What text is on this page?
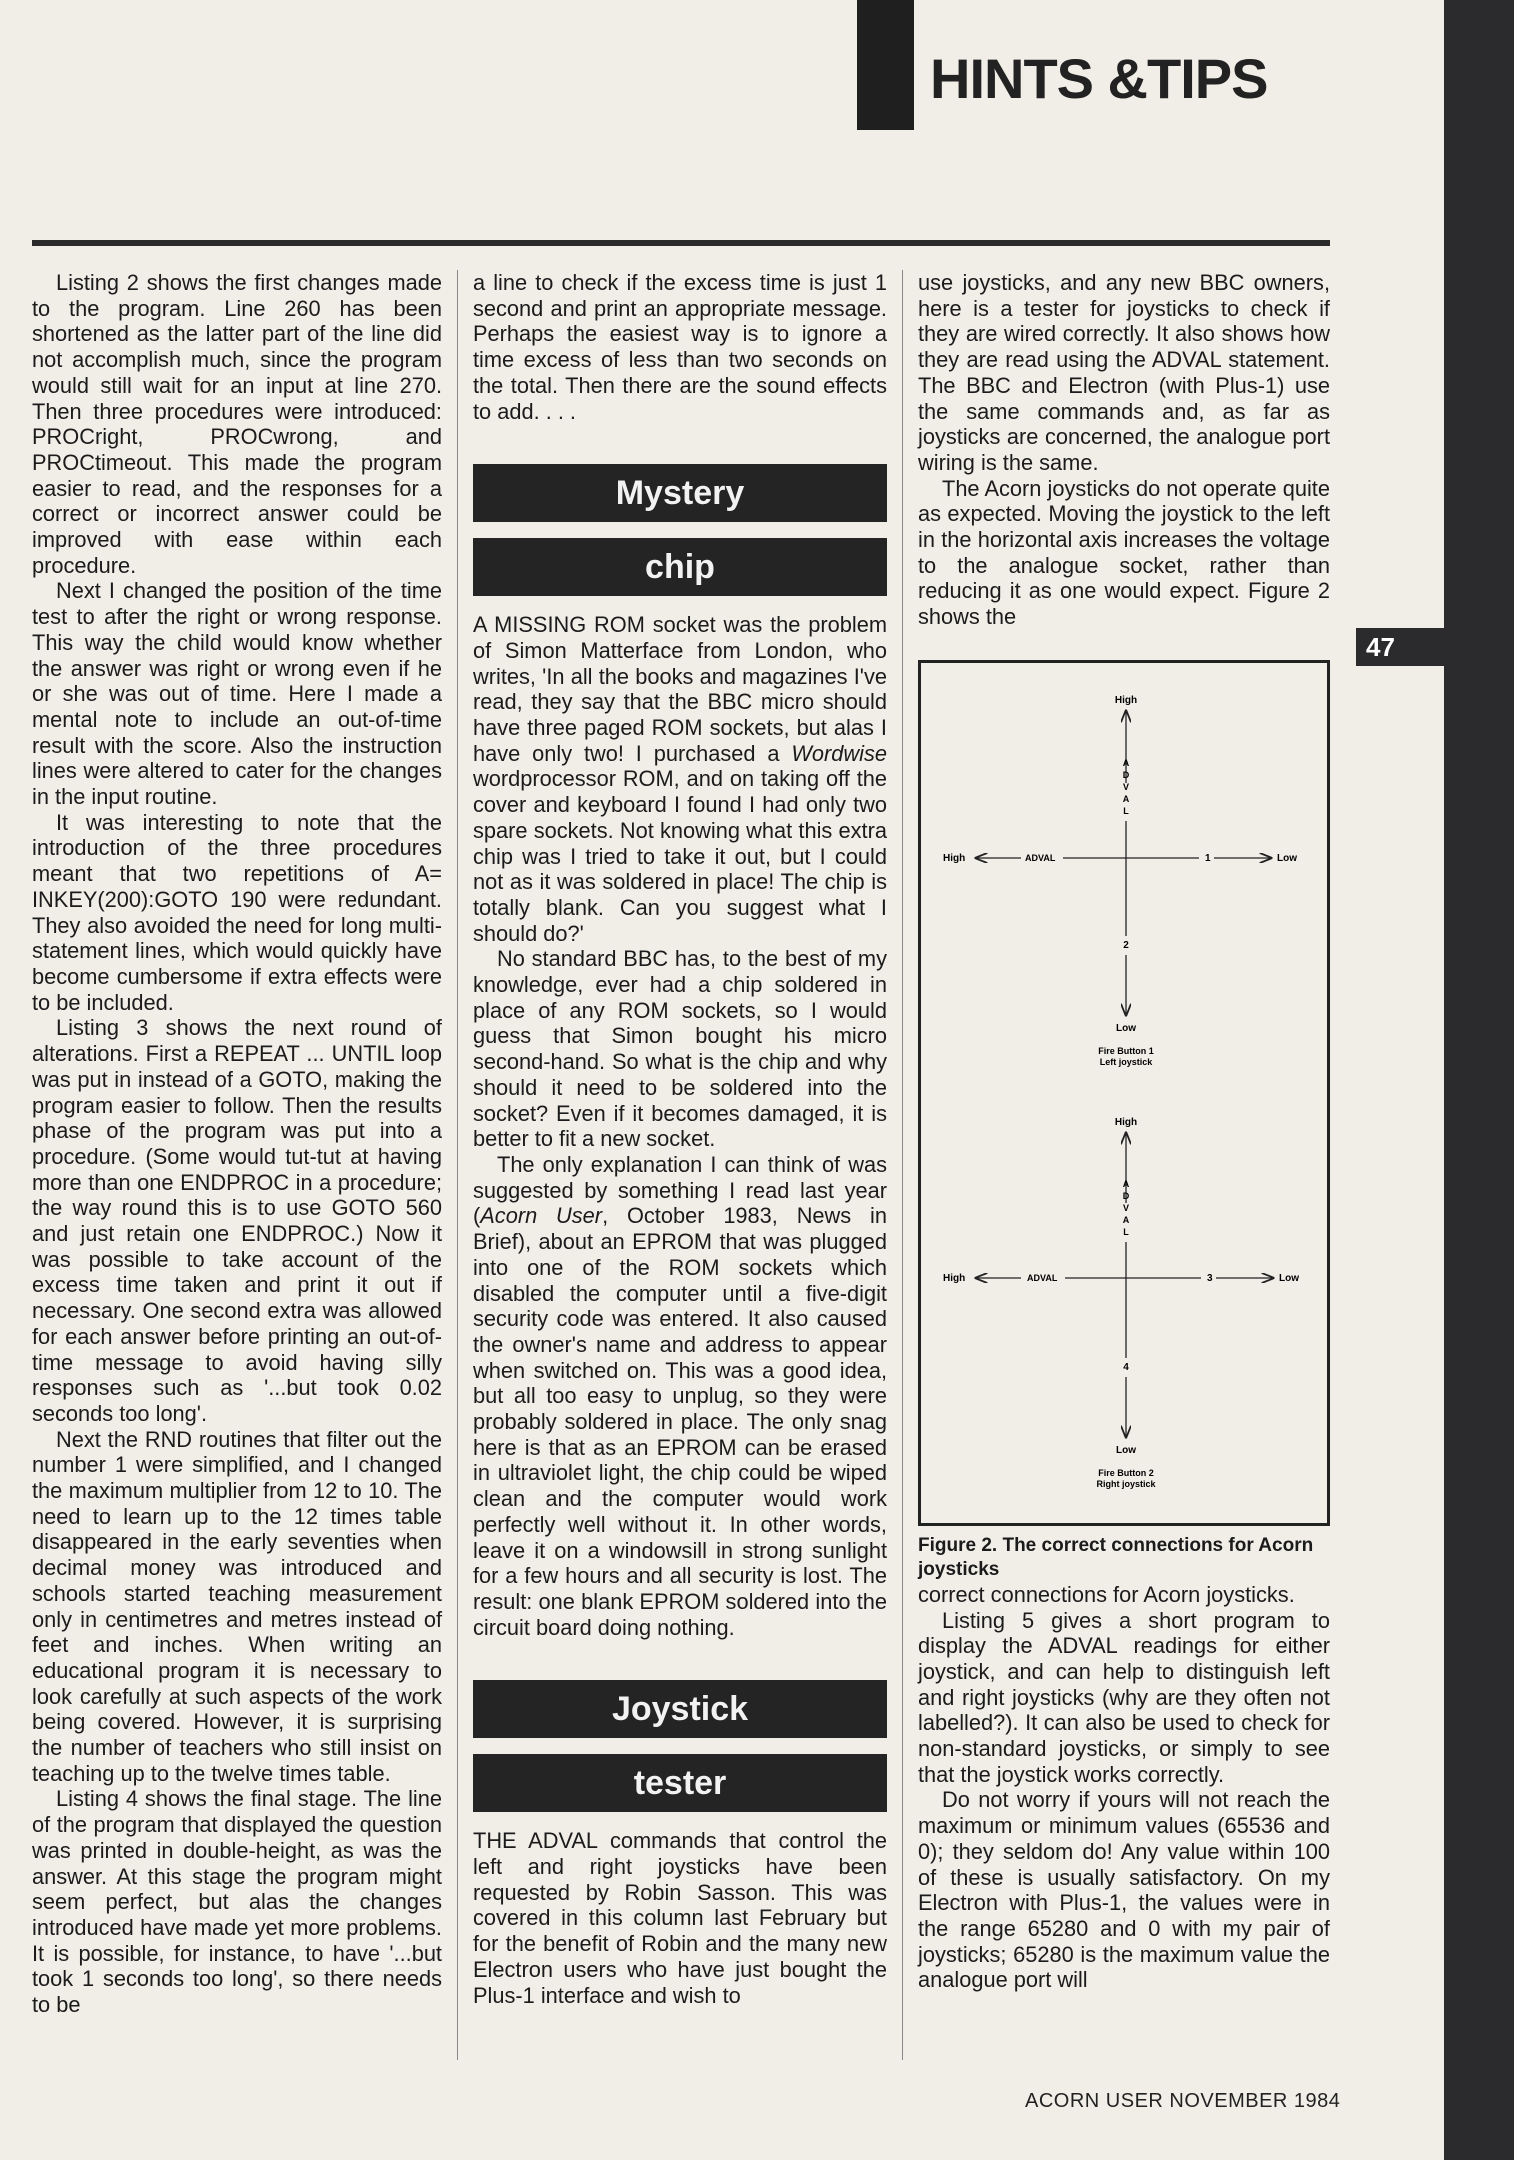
HINTS &TIPS

Listing 2 shows the first changes made to the program. Line 260 has been shortened as the latter part of the line did not accomplish much, since the program would still wait for an input at line 270. Then three procedures were introduced: PROCright, PROCwrong, and PROCtimeout. This made the program easier to read, and the responses for a correct or incorrect answer could be improved with ease within each procedure.

Next I changed the position of the time test to after the right or wrong response. This way the child would know whether the answer was right or wrong even if he or she was out of time. Here I made a mental note to include an out-of-time result with the score. Also the instruction lines were altered to cater for the changes in the input routine.

It was interesting to note that the introduction of the three procedures meant that two repetitions of A= INKEY(200):GOTO 190 were redundant. They also avoided the need for long multi-statement lines, which would quickly have become cumbersome if extra effects were to be included.

Listing 3 shows the next round of alterations. First a REPEAT ... UNTIL loop was put in instead of a GOTO, making the program easier to follow. Then the results phase of the program was put into a procedure. (Some would tut-tut at having more than one ENDPROC in a procedure; the way round this is to use GOTO 560 and just retain one ENDPROC.) Now it was possible to take account of the excess time taken and print it out if necessary. One second extra was allowed for each answer before printing an out-of-time message to avoid having silly responses such as '...but took 0.02 seconds too long'.

Next the RND routines that filter out the number 1 were simplified, and I changed the maximum multiplier from 12 to 10. The need to learn up to the 12 times table disappeared in the early seventies when decimal money was introduced and schools started teaching measurement only in centimetres and metres instead of feet and inches. When writing an educational program it is necessary to look carefully at such aspects of the work being covered. However, it is surprising the number of teachers who still insist on teaching up to the twelve times table.

Listing 4 shows the final stage. The line of the program that displayed the question was printed in double-height, as was the answer. At this stage the program might seem perfect, but alas the changes introduced have made yet more problems. It is possible, for instance, to have '...but took 1 seconds too long', so there needs to be

a line to check if the excess time is just 1 second and print an appropriate message. Perhaps the easiest way is to ignore a time excess of less than two seconds on the total. Then there are the sound effects to add. . . .

Mystery
chip

A MISSING ROM socket was the problem of Simon Matterface from London, who writes, 'In all the books and magazines I've read, they say that the BBC micro should have three paged ROM sockets, but alas I have only two! I purchased a Wordwise wordprocessor ROM, and on taking off the cover and keyboard I found I had only two spare sockets. Not knowing what this extra chip was I tried to take it out, but I could not as it was soldered in place! The chip is totally blank. Can you suggest what I should do?'

No standard BBC has, to the best of my knowledge, ever had a chip soldered in place of any ROM sockets, so I would guess that Simon bought his micro second-hand. So what is the chip and why should it need to be soldered into the socket? Even if it becomes damaged, it is better to fit a new socket.

The only explanation I can think of was suggested by something I read last year (Acorn User, October 1983, News in Brief), about an EPROM that was plugged into one of the ROM sockets which disabled the computer until a five-digit security code was entered. It also caused the owner's name and address to appear when switched on. This was a good idea, but all too easy to unplug, so they were probably soldered in place. The only snag here is that as an EPROM can be erased in ultraviolet light, the chip could be wiped clean and the computer would work perfectly well without it. In other words, leave it on a windowsill in strong sunlight for a few hours and all security is lost. The result: one blank EPROM soldered into the circuit board doing nothing.

Joystick
tester

THE ADVAL commands that control the left and right joysticks have been requested by Robin Sasson. This was covered in this column last February but for the benefit of Robin and the many new Electron users who have just bought the Plus-1 interface and wish to

use joysticks, and any new BBC owners, here is a tester for joysticks to check if they are wired correctly. It also shows how they are read using the ADVAL statement. The BBC and Electron (with Plus-1) use the same commands and, as far as joysticks are concerned, the analogue port wiring is the same.

The Acorn joysticks do not operate quite as expected. Moving the joystick to the left in the horizontal axis increases the voltage to the analogue socket, rather than reducing it as one would expect. Figure 2 shows the

High
A
D
V
A
L
2
Low
Fire Button 1
Left joystick
High	ADVAL	1	Low
High
A
D
V
A
L
4
Low
Fire Button 2
Right joystick
High	ADVAL	3	Low

Figure 2. The correct connections for Acorn joysticks

correct connections for Acorn joysticks.

Listing 5 gives a short program to display the ADVAL readings for either joystick, and can help to distinguish left and right joysticks (why are they often not labelled?). It can also be used to check for non-standard joysticks, or simply to see that the joystick works correctly.

Do not worry if yours will not reach the maximum or minimum values (65536 and 0); they seldom do! Any value within 100 of these is usually satisfactory. On my Electron with Plus-1, the values were in the range 65280 and 0 with my pair of joysticks; 65280 is the maximum value the analogue port will

47
ACORN USER NOVEMBER 1984
